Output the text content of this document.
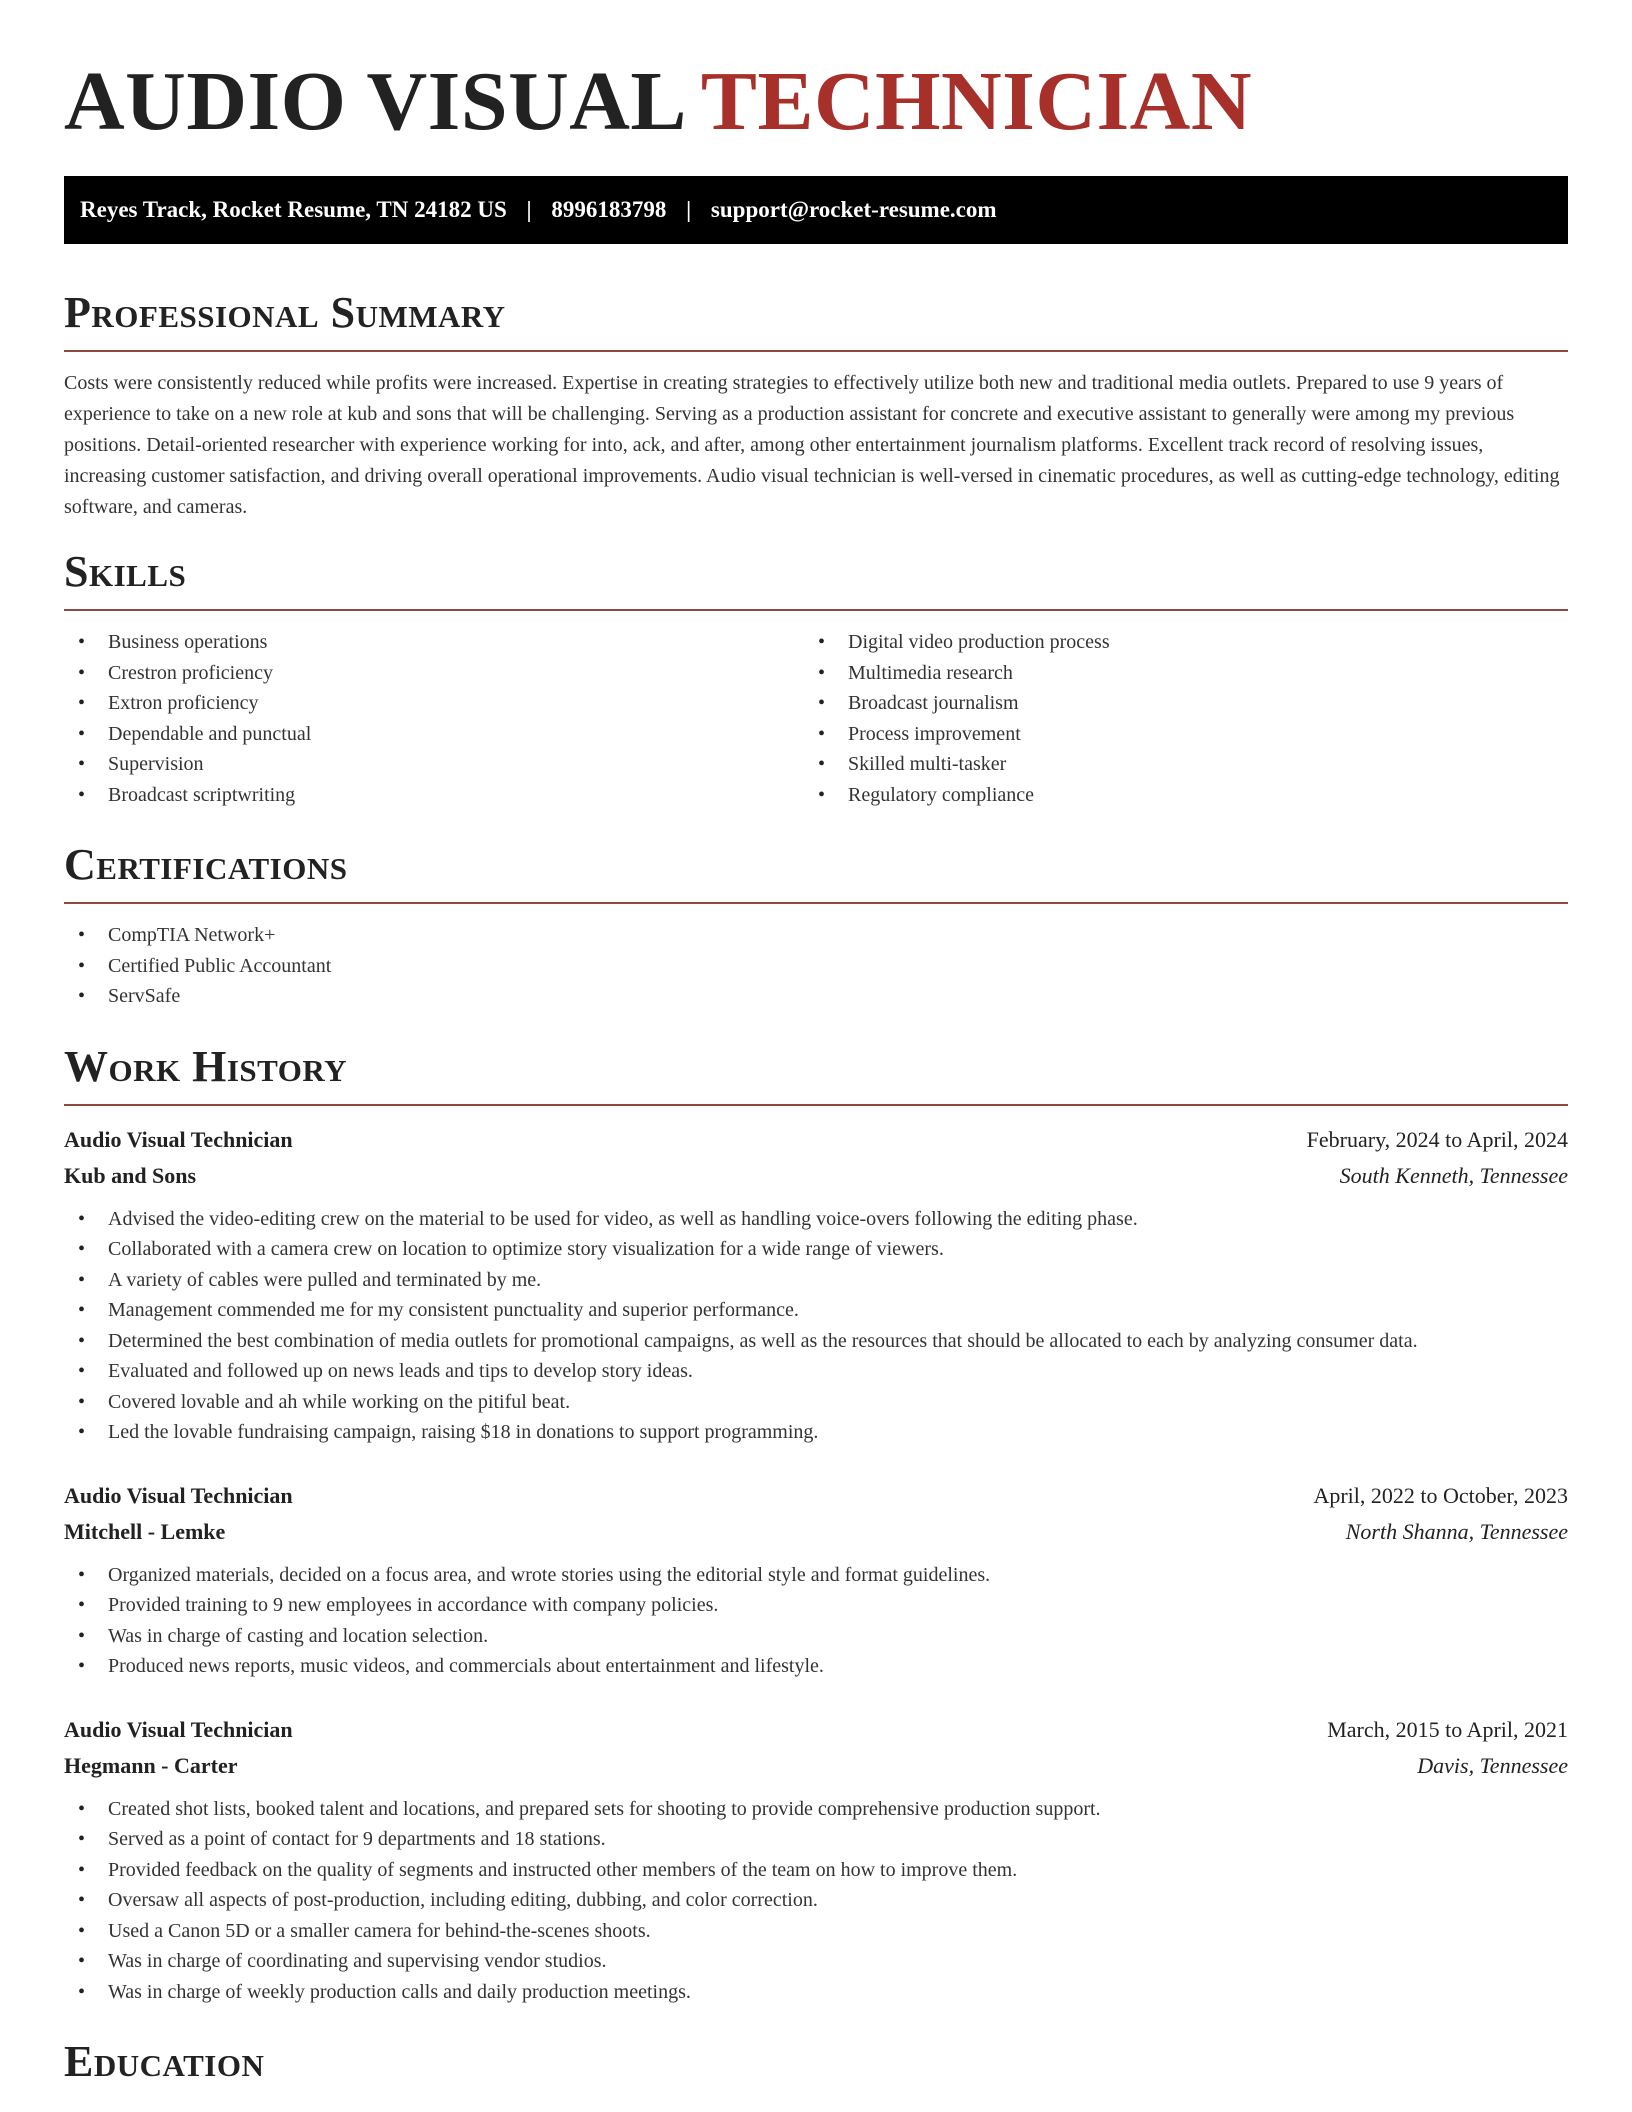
AUDIO VISUAL TECHNICIAN
Reyes Track, Rocket Resume, TN 24182 US | 8996183798 | support@rocket-resume.com
Professional Summary

Costs were consistently reduced while profits were increased. Expertise in creating strategies to effectively utilize both new and traditional media outlets. Prepared to use 9 years of experience to take on a new role at kub and sons that will be challenging. Serving as a production assistant for concrete and executive assistant to generally were among my previous positions. Detail-oriented researcher with experience working for into, ack, and after, among other entertainment journalism platforms. Excellent track record of resolving issues, increasing customer satisfaction, and driving overall operational improvements. Audio visual technician is well-versed in cinematic procedures, as well as cutting-edge technology, editing software, and cameras.

Skills
• Business operations
• Crestron proficiency
• Extron proficiency
• Dependable and punctual
• Supervision
• Broadcast scriptwriting
• Digital video production process
• Multimedia research
• Broadcast journalism
• Process improvement
• Skilled multi-tasker
• Regulatory compliance
Certifications
• CompTIA Network+
• Certified Public Accountant
• ServSafe
Work History
Audio Visual Technician	February, 2024 to April, 2024
Kub and Sons	South Kenneth, Tennessee
• Advised the video-editing crew on the material to be used for video, as well as handling voice-overs following the editing phase.
• Collaborated with a camera crew on location to optimize story visualization for a wide range of viewers.
• A variety of cables were pulled and terminated by me.
• Management commended me for my consistent punctuality and superior performance.
• Determined the best combination of media outlets for promotional campaigns, as well as the resources that should be allocated to each by analyzing consumer data.
• Evaluated and followed up on news leads and tips to develop story ideas.
• Covered lovable and ah while working on the pitiful beat.
• Led the lovable fundraising campaign, raising $18 in donations to support programming.
Audio Visual Technician	April, 2022 to October, 2023
Mitchell - Lemke	North Shanna, Tennessee
• Organized materials, decided on a focus area, and wrote stories using the editorial style and format guidelines.
• Provided training to 9 new employees in accordance with company policies.
• Was in charge of casting and location selection.
• Produced news reports, music videos, and commercials about entertainment and lifestyle.
Audio Visual Technician	March, 2015 to April, 2021
Hegmann - Carter	Davis, Tennessee
• Created shot lists, booked talent and locations, and prepared sets for shooting to provide comprehensive production support.
• Served as a point of contact for 9 departments and 18 stations.
• Provided feedback on the quality of segments and instructed other members of the team on how to improve them.
• Oversaw all aspects of post-production, including editing, dubbing, and color correction.
• Used a Canon 5D or a smaller camera for behind-the-scenes shoots.
• Was in charge of coordinating and supervising vendor studios.
• Was in charge of weekly production calls and daily production meetings.
Education
